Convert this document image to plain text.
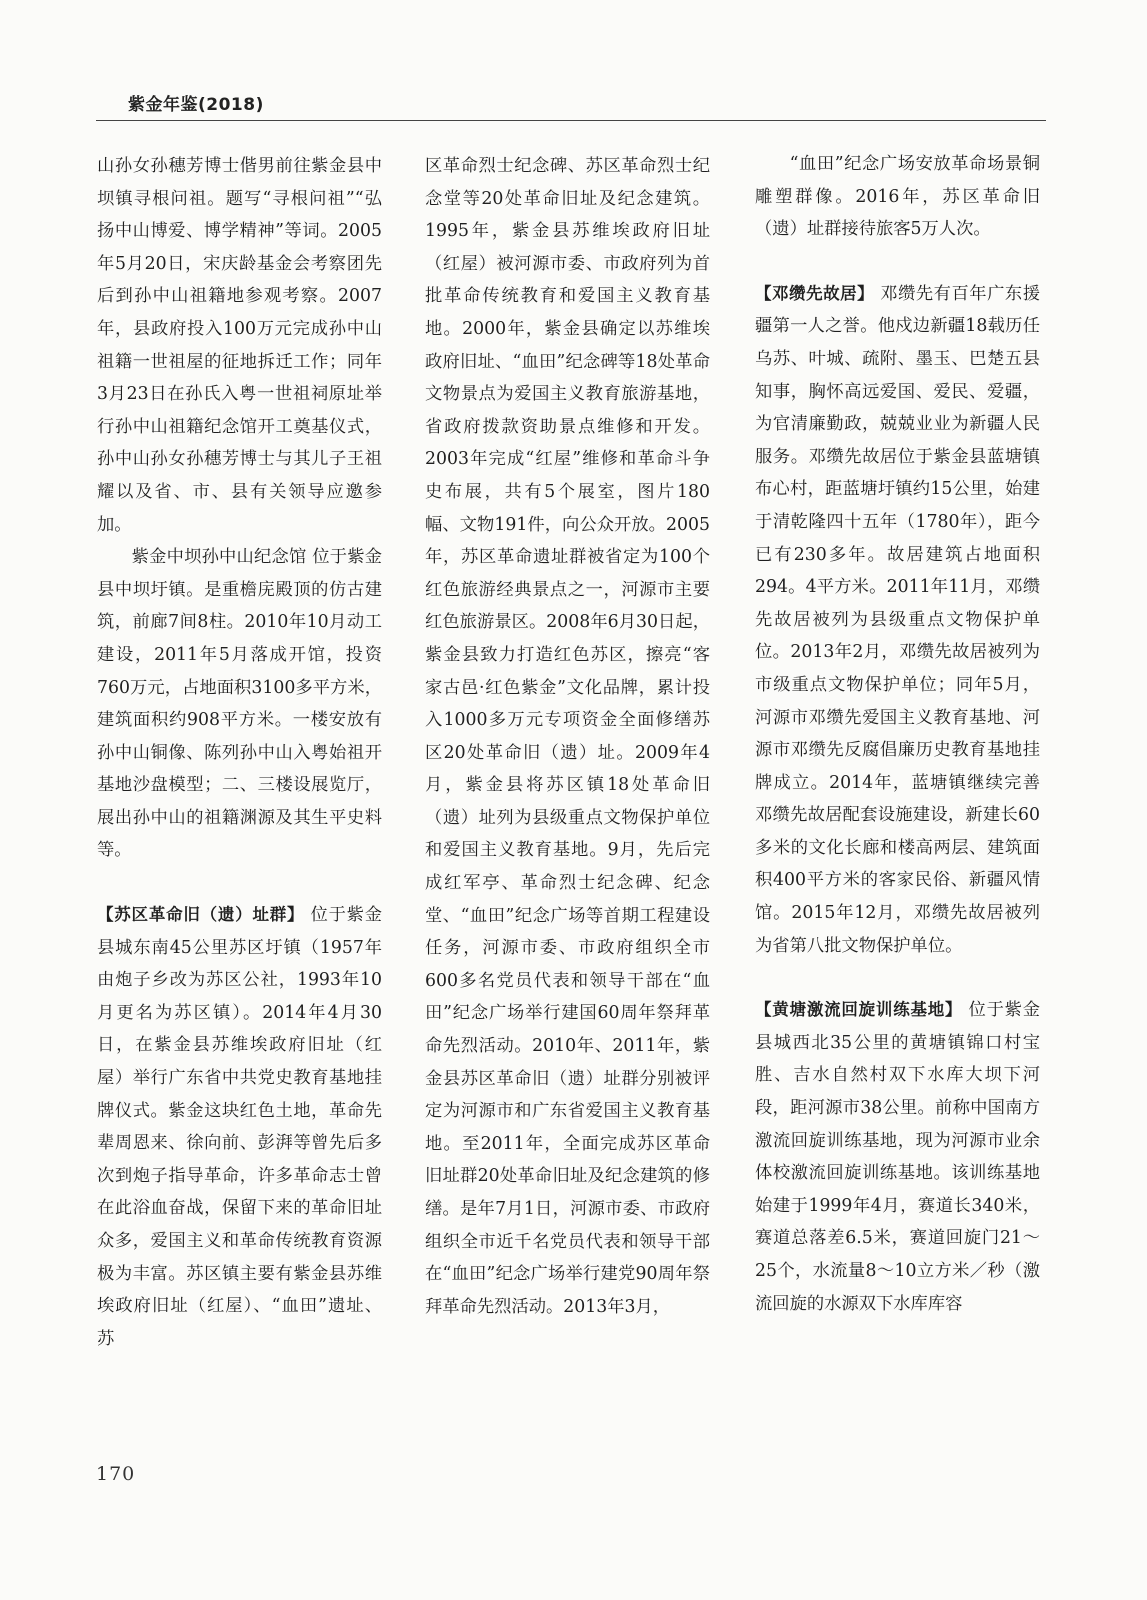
紫金年鉴(2018)

山孙女孙穗芳博士偕男前往紫金县中坝镇寻根问祖。题写“寻根问祖”“弘扬中山博爱、博学精神”等词。2005年5月20日，宋庆龄基金会考察团先后到孙中山祖籍地参观考察。2007年，县政府投入100万元完成孙中山祖籍一世祖屋的征地拆迁工作；同年3月23日在孙氏入粤一世祖祠原址举行孙中山祖籍纪念馆开工奠基仪式，孙中山孙女孙穗芳博士与其儿子王祖耀以及省、市、县有关领导应邀参加。

紫金中坝孙中山纪念馆 位于紫金县中坝圩镇。是重檐庑殿顶的仿古建筑，前廊7间8柱。2010年10月动工建设，2011年5月落成开馆，投资760万元，占地面积3100多平方米，建筑面积约908平方米。一楼安放有孙中山铜像、陈列孙中山入粤始祖开基地沙盘模型；二、三楼设展览厅，展出孙中山的祖籍渊源及其生平史料等。

【苏区革命旧（遗）址群】 位于紫金县城东南45公里苏区圩镇（1957年由炮子乡改为苏区公社，1993年10月更名为苏区镇）。2014年4月30日，在紫金县苏维埃政府旧址（红屋）举行广东省中共党史教育基地挂牌仪式。紫金这块红色土地，革命先辈周恩来、徐向前、彭湃等曾先后多次到炮子指导革命，许多革命志士曾在此浴血奋战，保留下来的革命旧址众多，爱国主义和革命传统教育资源极为丰富。苏区镇主要有紫金县苏维埃政府旧址（红屋）、“血田”遗址、苏

区革命烈士纪念碑、苏区革命烈士纪念堂等20处革命旧址及纪念建筑。1995年，紫金县苏维埃政府旧址（红屋）被河源市委、市政府列为首批革命传统教育和爱国主义教育基地。2000年，紫金县确定以苏维埃政府旧址、“血田”纪念碑等18处革命文物景点为爱国主义教育旅游基地，省政府拨款资助景点维修和开发。2003年完成“红屋”维修和革命斗争史布展，共有5个展室，图片180幅、文物191件，向公众开放。2005年，苏区革命遗址群被省定为100个红色旅游经典景点之一，河源市主要红色旅游景区。2008年6月30日起，紫金县致力打造红色苏区，擦亮“客家古邑·红色紫金”文化品牌，累计投入1000多万元专项资金全面修缮苏区20处革命旧（遗）址。2009年4月，紫金县将苏区镇18处革命旧（遗）址列为县级重点文物保护单位和爱国主义教育基地。9月，先后完成红军亭、革命烈士纪念碑、纪念堂、“血田”纪念广场等首期工程建设任务，河源市委、市政府组织全市600多名党员代表和领导干部在“血田”纪念广场举行建国60周年祭拜革命先烈活动。2010年、2011年，紫金县苏区革命旧（遗）址群分别被评定为河源市和广东省爱国主义教育基地。至2011年，全面完成苏区革命旧址群20处革命旧址及纪念建筑的修缮。是年7月1日，河源市委、市政府组织全市近千名党员代表和领导干部在“血田”纪念广场举行建党90周年祭拜革命先烈活动。2013年3月，

“血田”纪念广场安放革命场景铜雕塑群像。2016年，苏区革命旧（遗）址群接待旅客5万人次。

【邓缵先故居】 邓缵先有百年广东援疆第一人之誉。他戍边新疆18载历任乌苏、叶城、疏附、墨玉、巴楚五县知事，胸怀高远爱国、爱民、爱疆，为官清廉勤政，兢兢业业为新疆人民服务。邓缵先故居位于紫金县蓝塘镇布心村，距蓝塘圩镇约15公里，始建于清乾隆四十五年（1780年），距今已有230多年。故居建筑占地面积294。4平方米。2011年11月，邓缵先故居被列为县级重点文物保护单位。2013年2月，邓缵先故居被列为市级重点文物保护单位；同年5月，河源市邓缵先爱国主义教育基地、河源市邓缵先反腐倡廉历史教育基地挂牌成立。2014年，蓝塘镇继续完善邓缵先故居配套设施建设，新建长60多米的文化长廊和楼高两层、建筑面积400平方米的客家民俗、新疆风情馆。2015年12月，邓缵先故居被列为省第八批文物保护单位。

【黄塘激流回旋训练基地】 位于紫金县城西北35公里的黄塘镇锦口村宝胜、吉水自然村双下水库大坝下河段，距河源市38公里。前称中国南方激流回旋训练基地，现为河源市业余体校激流回旋训练基地。该训练基地始建于1999年4月，赛道长340米，赛道总落差6.5米，赛道回旋门21～25个，水流量8～10立方米／秒（激流回旋的水源双下水库库容

170
